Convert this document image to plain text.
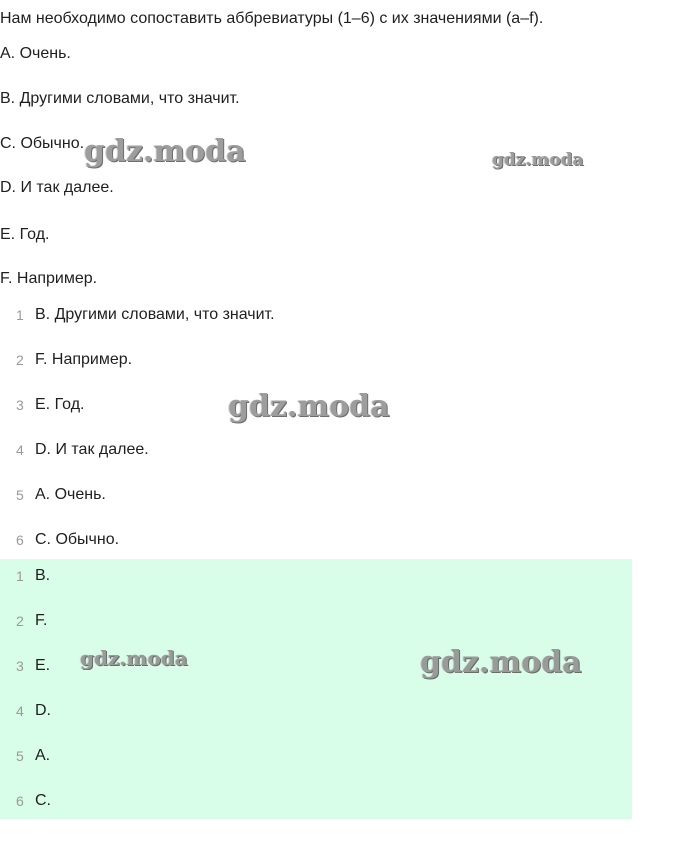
Нам необходимо сопоставить аббревиатуры (1–6) с их значениями (a–f).
A. Очень.
B. Другими словами, что значит.
C. Обычно.
D. И так далее.
E. Год.
F. Например.
1 B. Другими словами, что значит.
2 F. Например.
3 E. Год.
4 D. И так далее.
5 A. Очень.
6 C. Обычно.
1 B.
2 F.
3 E.
4 D.
5 A.
6 C.
gdz.moda	gdz.moda
gdz.moda
gdz.moda	gdz.moda
